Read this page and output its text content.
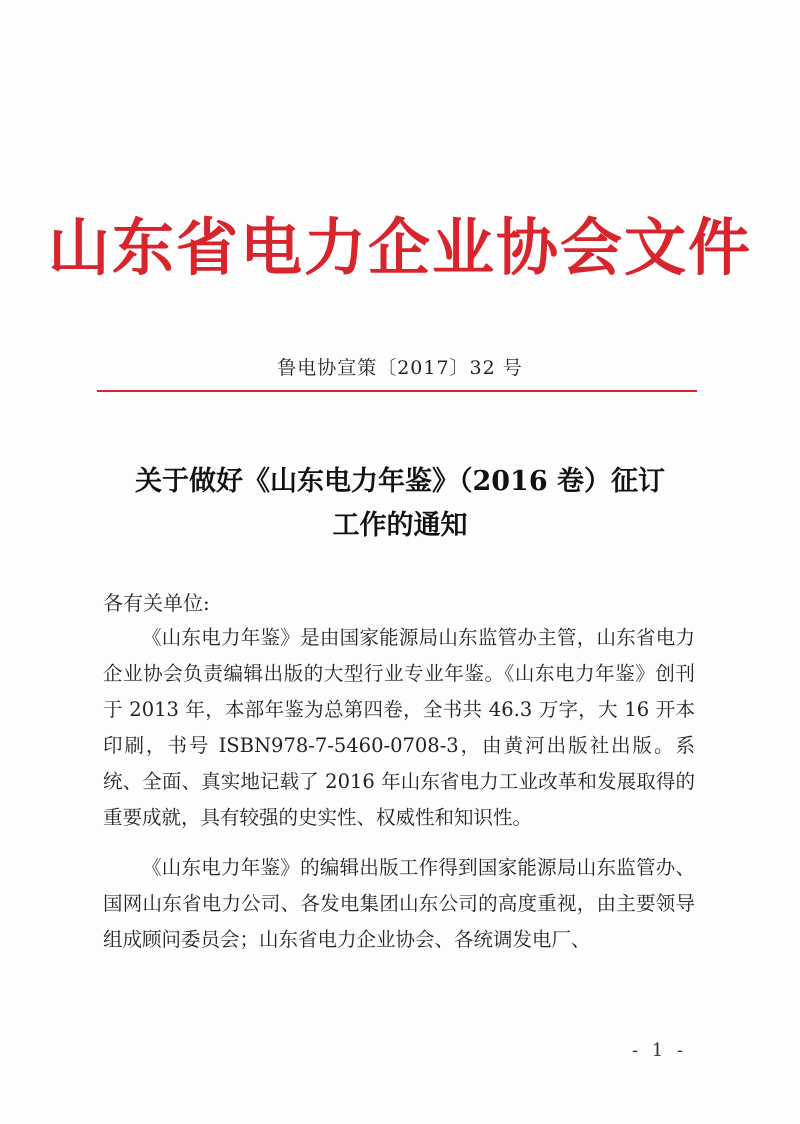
山东省电力企业协会文件
鲁电协宣策〔2017〕32 号
关于做好《山东电力年鉴》（2016 卷）征订
工作的通知
各有关单位:

《山东电力年鉴》是由国家能源局山东监管办主管，山东省电力企业协会负责编辑出版的大型行业专业年鉴。《山东电力年鉴》创刊于 2013 年，本部年鉴为总第四卷，全书共 46.3 万字，大 16 开本印刷，书号 ISBN978-7-5460-0708-3，由黄河出版社出版。系统、全面、真实地记载了 2016 年山东省电力工业改革和发展取得的重要成就，具有较强的史实性、权威性和知识性。

《山东电力年鉴》的编辑出版工作得到国家能源局山东监管办、国网山东省电力公司、各发电集团山东公司的高度重视，由主要领导组成顾问委员会；山东省电力企业协会、各统调发电厂、

- 1 -
